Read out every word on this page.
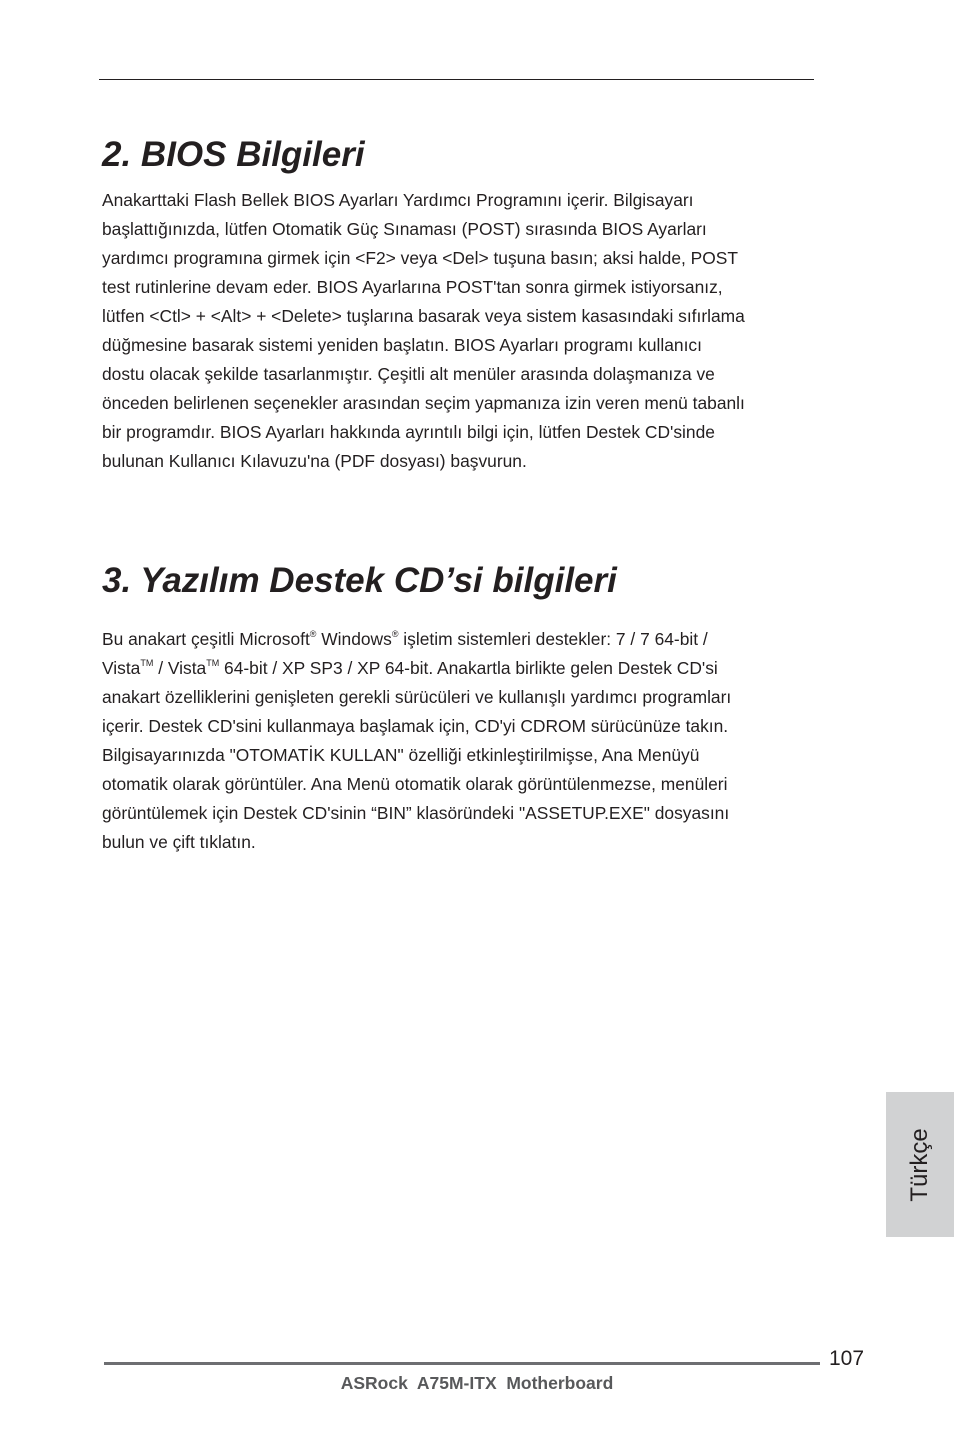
2. BIOS Bilgileri
Anakarttaki Flash Bellek BIOS Ayarları Yardımcı Programını içerir. Bilgisayarı
başlattığınızda, lütfen Otomatik Güç Sınaması (POST) sırasında BIOS Ayarları
yardımcı programına girmek için <F2> veya <Del> tuşuna basın; aksi halde, POST
test rutinlerine devam eder. BIOS Ayarlarına POST'tan sonra girmek istiyorsanız,
lütfen <Ctl> + <Alt> + <Delete> tuşlarına basarak veya sistem kasasındaki sıfırlama
düğmesine basarak sistemi yeniden başlatın. BIOS Ayarları programı kullanıcı
dostu olacak şekilde tasarlanmıştır. Çeşitli alt menüler arasında dolaşmanıza ve
önceden belirlenen seçenekler arasından seçim yapmanıza izin veren menü tabanlı
bir programdır. BIOS Ayarları hakkında ayrıntılı bilgi için, lütfen Destek CD'sinde
bulunan Kullanıcı Kılavuzu'na (PDF dosyası) başvurun.
3. Yazılım Destek CD’si bilgileri
Bu anakart çeşitli Microsoft® Windows® işletim sistemleri destekler: 7 / 7 64-bit /
Vista™ / Vista™ 64-bit / XP SP3 / XP 64-bit. Anakartla birlikte gelen Destek CD'si
anakart özelliklerini genişleten gerekli sürücüleri ve kullanışlı yardımcı programları
içerir. Destek CD'sini kullanmaya başlamak için, CD'yi CDROM sürücünüze takın.
Bilgisayarınızda "OTOMATİK KULLAN" özelliği etkinleştirilmişse, Ana Menüyü
otomatik olarak görüntüler. Ana Menü otomatik olarak görüntülenmezse, menüleri
görüntülemek için Destek CD'sinin “BIN” klasöründeki "ASSETUP.EXE" dosyasını
bulun ve çift tıklatın.
Türkçe
107
ASRock  A75M-ITX  Motherboard
